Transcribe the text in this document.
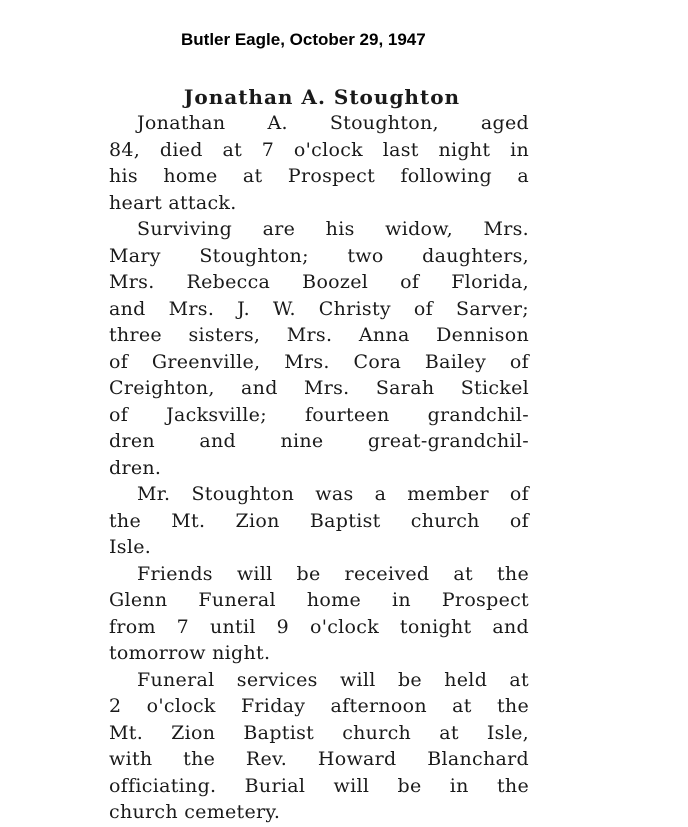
Butler Eagle, October 29, 1947
Jonathan A. Stoughton
Jonathan A. Stoughton, aged
84, died at 7 o'clock last night in
his home at Prospect following a
heart attack.
Surviving are his widow, Mrs.
Mary Stoughton; two daughters,
Mrs. Rebecca Boozel of Florida,
and Mrs. J. W. Christy of Sarver;
three sisters, Mrs. Anna Dennison
of Greenville, Mrs. Cora Bailey of
Creighton, and Mrs. Sarah Stickel
of Jacksville; fourteen grandchil-
dren and nine great-grandchil-
dren.
Mr. Stoughton was a member of
the Mt. Zion Baptist church of
Isle.
Friends will be received at the
Glenn Funeral home in Prospect
from 7 until 9 o'clock tonight and
tomorrow night.
Funeral services will be held at
2 o'clock Friday afternoon at the
Mt. Zion Baptist church at Isle,
with the Rev. Howard Blanchard
officiating. Burial will be in the
church cemetery.
